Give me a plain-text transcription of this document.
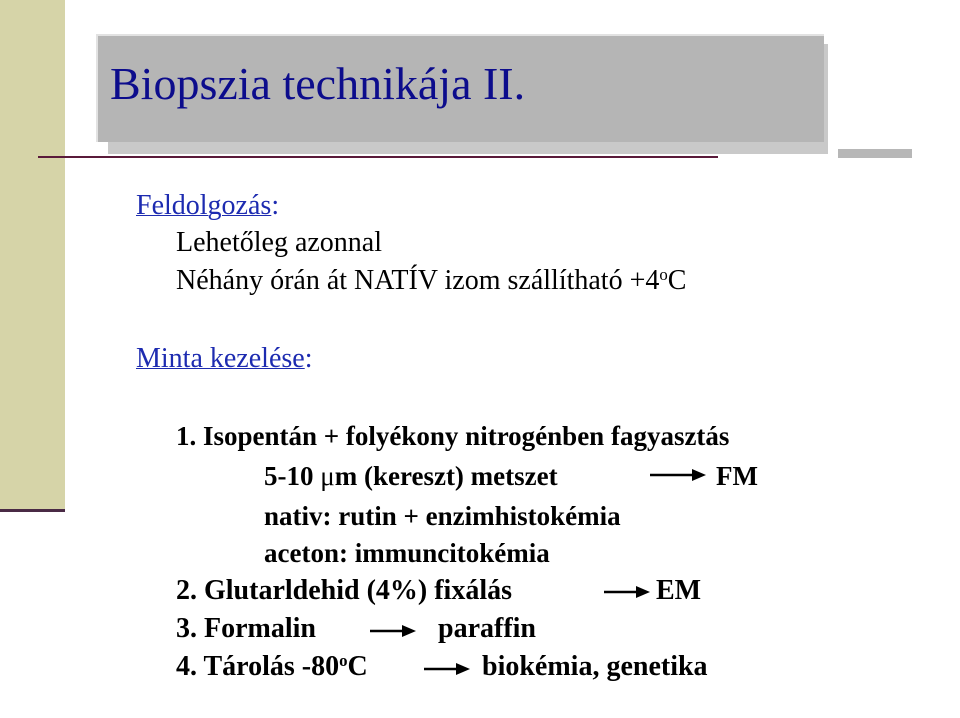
Biopszia technikája II.
Feldolgozás:
Lehetőleg azonnal
Néhány órán át NATÍV izom szállítható $+4^oC$
Minta kezelése:
1. Isopentán + folyékony nitrogénben fagyasztás
5-10 μm (kereszt) metszet	FM
nativ: rutin + enzimhistokémia
aceton: immuncitokémia
2. Glutarldehid (4%) fixálás	EM
3. Formalin	paraffin
4. Tárolás -80$^o$C	biokémia, genetika
